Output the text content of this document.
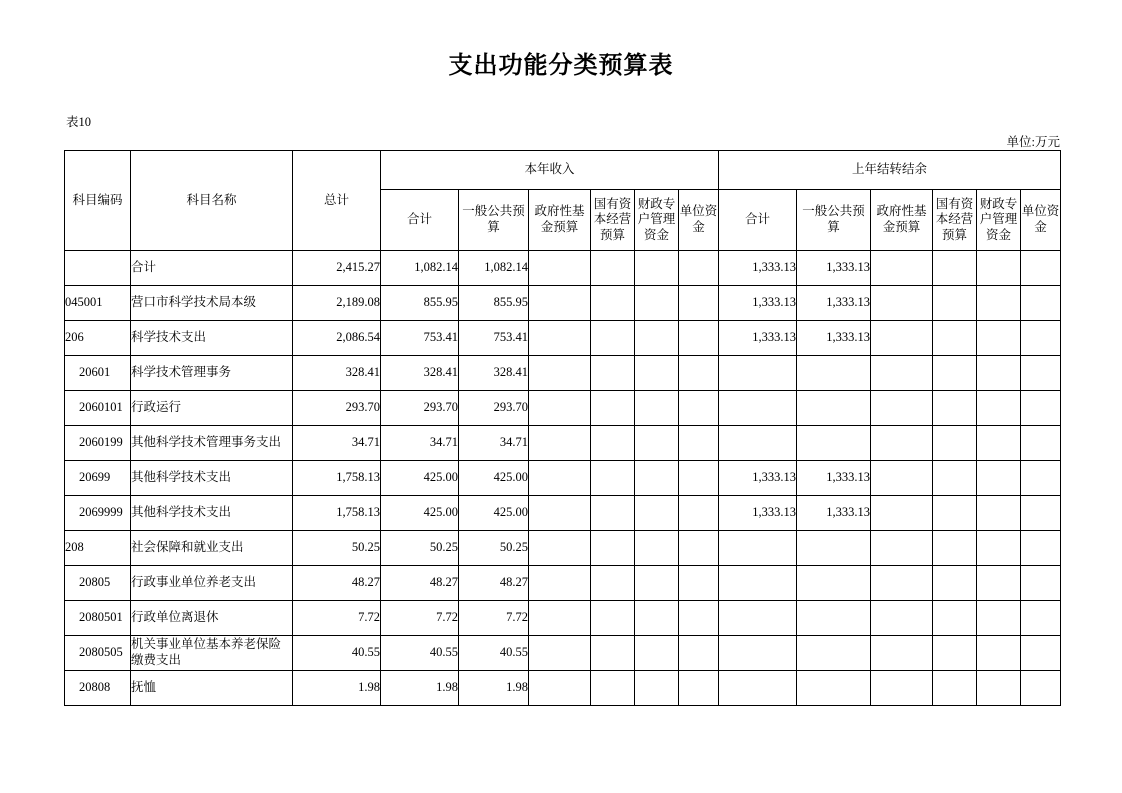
支出功能分类预算表
表10
单位:万元
科目编码	科目名称	总计	本年收入						上年结转结余					
			合计	一般公共预算	政府性基金预算	国有资本经营预算	财政专户管理资金	单位资金	合计	一般公共预算	政府性基金预算	国有资本经营预算	财政专户管理资金	单位资金
	合计	2,415.27	1,082.14	1,082.14					1,333.13	1,333.13				
045001	营口市科学技术局本级	2,189.08	855.95	855.95					1,333.13	1,333.13				
206	科学技术支出	2,086.54	753.41	753.41					1,333.13	1,333.13				
20601	科学技术管理事务	328.41	328.41	328.41										
2060101	行政运行	293.70	293.70	293.70										
2060199	其他科学技术管理事务支出	34.71	34.71	34.71										
20699	其他科学技术支出	1,758.13	425.00	425.00					1,333.13	1,333.13				
2069999	其他科学技术支出	1,758.13	425.00	425.00					1,333.13	1,333.13				
208	社会保障和就业支出	50.25	50.25	50.25										
20805	行政事业单位养老支出	48.27	48.27	48.27										
2080501	行政单位离退休	7.72	7.72	7.72										
2080505	机关事业单位基本养老保险缴费支出	40.55	40.55	40.55										
20808	抚恤	1.98	1.98	1.98										
